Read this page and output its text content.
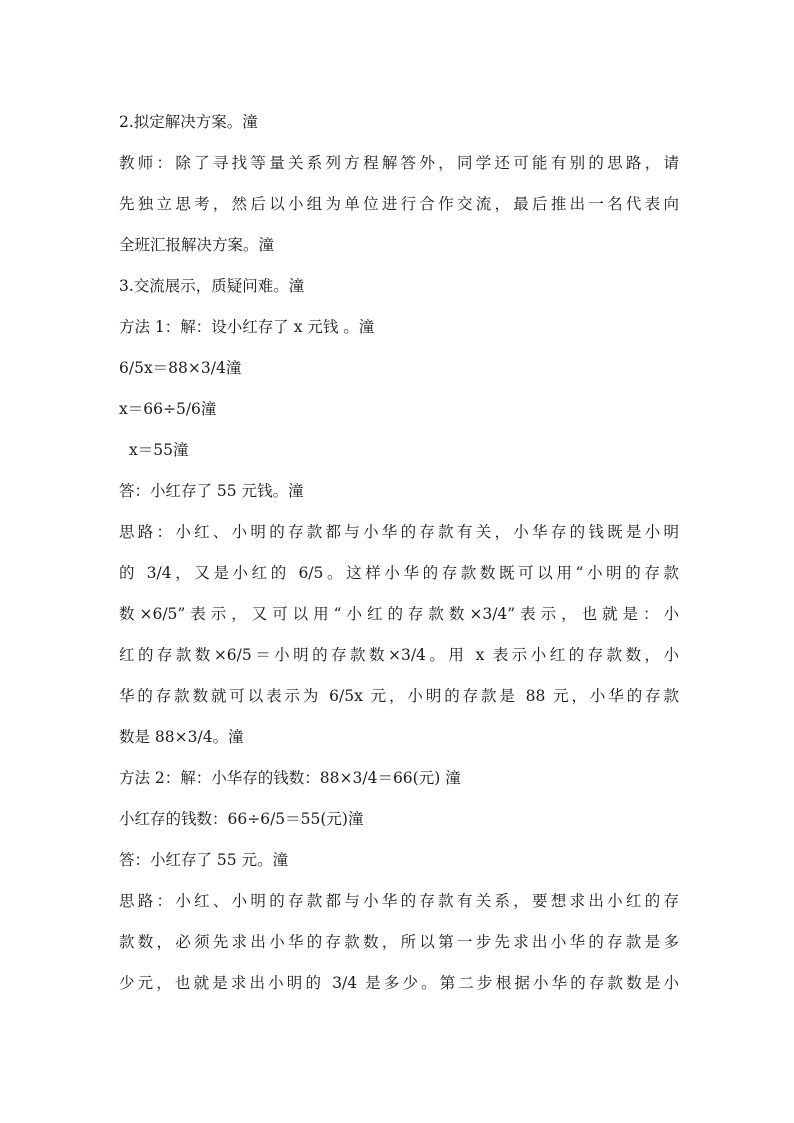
2.拟定解决方案。潼
教师：除了寻找等量关系列方程解答外，同学还可能有别的思路，请
先独立思考，然后以小组为单位进行合作交流，最后推出一名代表向
全班汇报解决方案。潼
3.交流展示，质疑问难。潼
方法 1：解：设小红存了 x 元钱 。潼
6/5x＝88×3/4潼
x＝66÷5/6潼
x＝55潼
答：小红存了 55 元钱。潼
思路：小红、小明的存款都与小华的存款有关，小华存的钱既是小明
的 3/4，又是小红的 6/5。这样小华的存款数既可以用“小明的存款
数×6/5”表示，又可以用“小红的存款数×3/4”表示，也就是：小
红的存款数×6/5＝小明的存款数×3/4。用 x 表示小红的存款数，小
华的存款数就可以表示为 6/5x 元，小明的存款是 88 元，小华的存款
数是 88×3/4。潼
方法 2：解：小华存的钱数：88×3/4＝66(元) 潼
小红存的钱数：66÷6/5＝55(元)潼
答：小红存了 55 元。潼
思路：小红、小明的存款都与小华的存款有关系，要想求出小红的存
款数，必须先求出小华的存款数，所以第一步先求出小华的存款是多
少元，也就是求出小明的 3/4 是多少。第二步根据小华的存款数是小
